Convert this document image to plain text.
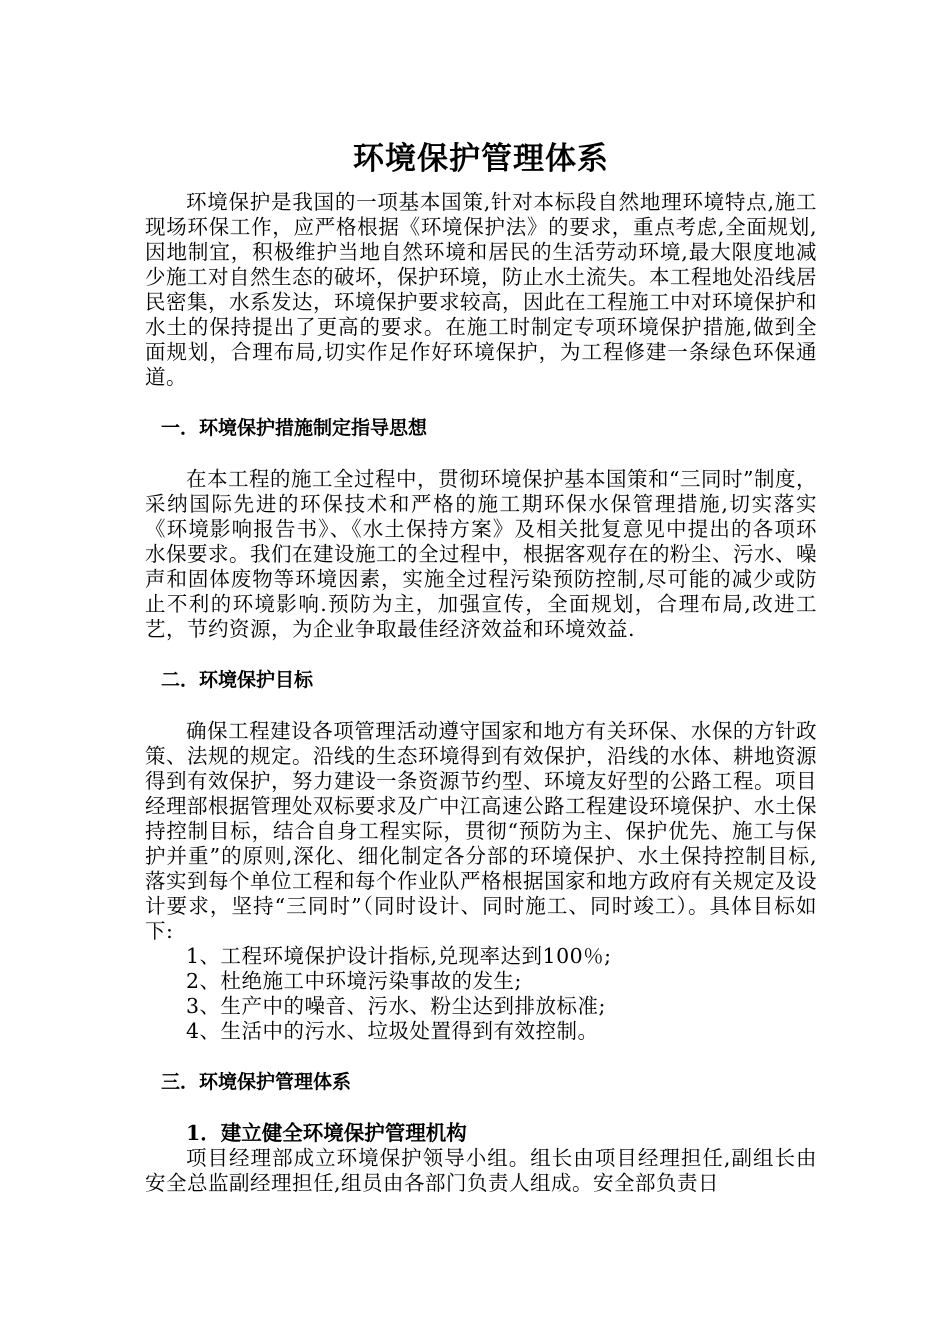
环境保护管理体系

环境保护是我国的一项基本国策,针对本标段自然地理环境特点,施工现场环保工作，应严格根据《环境保护法》的要求，重点考虑,全面规划,因地制宜，积极维护当地自然环境和居民的生活劳动环境,最大限度地减少施工对自然生态的破坏，保护环境，防止水土流失。本工程地处沿线居民密集，水系发达，环境保护要求较高，因此在工程施工中对环境保护和水土的保持提出了更高的要求。在施工时制定专项环境保护措施,做到全面规划，合理布局,切实作足作好环境保护，为工程修建一条绿色环保通道。

一．环境保护措施制定指导思想

在本工程的施工全过程中，贯彻环境保护基本国策和“三同时”制度，采纳国际先进的环保技术和严格的施工期环保水保管理措施,切实落实《环境影响报告书》、《水土保持方案》及相关批复意见中提出的各项环水保要求。我们在建设施工的全过程中，根据客观存在的粉尘、污水、噪声和固体废物等环境因素，实施全过程污染预防控制,尽可能的减少或防止不利的环境影响.预防为主，加强宣传，全面规划，合理布局,改进工艺，节约资源，为企业争取最佳经济效益和环境效益.

二．环境保护目标

确保工程建设各项管理活动遵守国家和地方有关环保、水保的方针政策、法规的规定。沿线的生态环境得到有效保护，沿线的水体、耕地资源得到有效保护，努力建设一条资源节约型、环境友好型的公路工程。项目经理部根据管理处双标要求及广中江高速公路工程建设环境保护、水土保持控制目标，结合自身工程实际，贯彻“预防为主、保护优先、施工与保护并重”的原则,深化、细化制定各分部的环境保护、水土保持控制目标,落实到每个单位工程和每个作业队严格根据国家和地方政府有关规定及设计要求，坚持“三同时”（同时设计、同时施工、同时竣工）。具体目标如下:

1、工程环境保护设计指标,兑现率达到100％;
2、杜绝施工中环境污染事故的发生;
3、生产中的噪音、污水、粉尘达到排放标准;
4、生活中的污水、垃圾处置得到有效控制。
三．环境保护管理体系
1．建立健全环境保护管理机构

项目经理部成立环境保护领导小组。组长由项目经理担任,副组长由安全总监副经理担任,组员由各部门负责人组成。安全部负责日
